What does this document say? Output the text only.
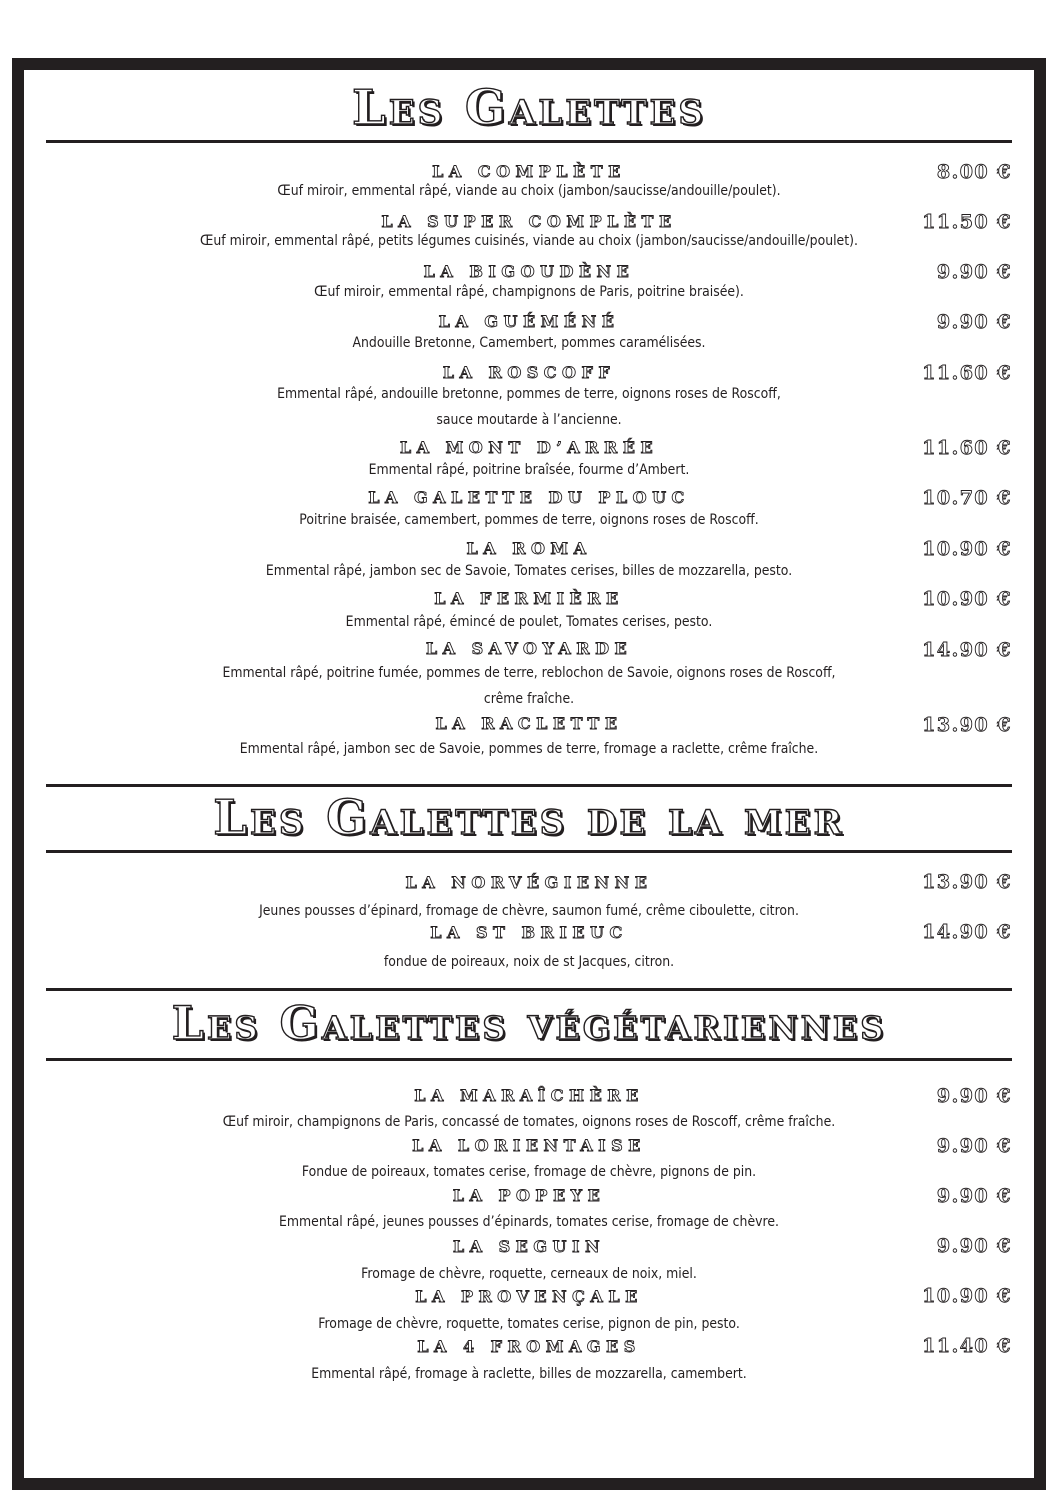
Les Galettes
LA COMPLÈTE	8.00 €
Œuf miroir, emmental râpé, viande au choix (jambon/saucisse/andouille/poulet).
LA SUPER COMPLÈTE	11.50 €
Œuf miroir, emmental râpé, petits légumes cuisinés, viande au choix (jambon/saucisse/andouille/poulet).
LA BIGOUDÈNE	9.90 €
Œuf miroir, emmental râpé, champignons de Paris, poitrine braisée).
LA GUÉMÉNÉ	9.90 €
Andouille Bretonne, Camembert, pommes caramélisées.
LA ROSCOFF	11.60 €
Emmental râpé, andouille bretonne, pommes de terre, oignons roses de Roscoff,
sauce moutarde à l’ancienne.
LA MONT D’ARRÉE	11.60 €
Emmental râpé, poitrine braîsée, fourme d’Ambert.
LA GALETTE DU PLOUC	10.70 €
Poitrine braisée, camembert, pommes de terre, oignons roses de Roscoff.
LA ROMA	10.90 €
Emmental râpé, jambon sec de Savoie, Tomates cerises, billes de mozzarella, pesto.
LA FERMIÈRE	10.90 €
Emmental râpé, émincé de poulet, Tomates cerises, pesto.
LA SAVOYARDE	14.90 €
Emmental râpé, poitrine fumée, pommes de terre, reblochon de Savoie, oignons roses de Roscoff,
crême fraîche.
LA RACLETTE	13.90 €
Emmental râpé, jambon sec de Savoie, pommes de terre, fromage a raclette, crême fraîche.
Les Galettes de la mer
LA NORVÉGIENNE	13.90 €
Jeunes pousses d’épinard, fromage de chèvre, saumon fumé, crême ciboulette, citron.
LA ST BRIEUC	14.90 €
fondue de poireaux, noix de st Jacques, citron.
Les Galettes végétariennes
LA MARAÎCHÈRE	9.90 €
Œuf miroir, champignons de Paris, concassé de tomates, oignons roses de Roscoff, crême fraîche.
LA LORIENTAISE	9.90 €
Fondue de poireaux, tomates cerise, fromage de chèvre, pignons de pin.
LA POPEYE	9.90 €
Emmental râpé, jeunes pousses d’épinards, tomates cerise, fromage de chèvre.
LA SEGUIN	9.90 €
Fromage de chèvre, roquette, cerneaux de noix, miel.
LA PROVENÇALE	10.90 €
Fromage de chèvre, roquette, tomates cerise, pignon de pin, pesto.
LA 4 FROMAGES	11.40 €
Emmental râpé, fromage à raclette, billes de mozzarella, camembert.
